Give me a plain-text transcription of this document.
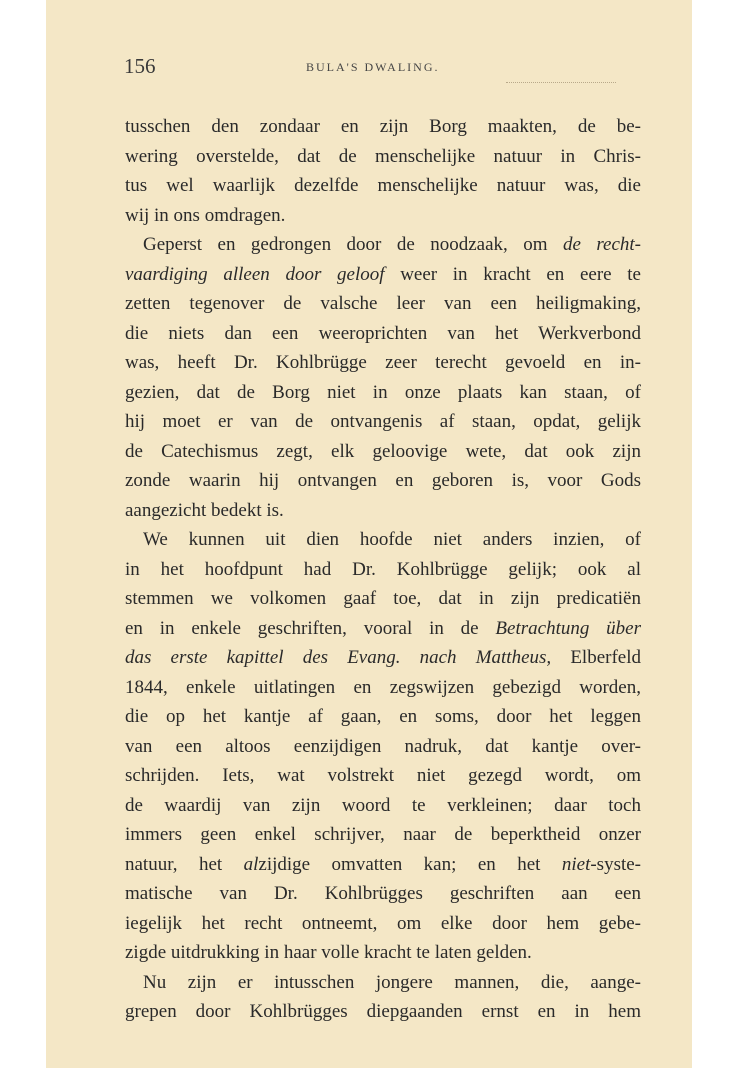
156	BULA'S DWALING.
tusschen den zondaar en zijn Borg maakten, de be-
wering overstelde, dat de menschelijke natuur in Chris-
tus wel waarlijk dezelfde menschelijke natuur was, die
wij in ons omdragen.
Geperst en gedrongen door de noodzaak, om de recht-
vaardiging alleen door geloof weer in kracht en eere te
zetten tegenover de valsche leer van een heiligmaking,
die niets dan een weeroprichten van het Werkverbond
was, heeft Dr. Kohlbrügge zeer terecht gevoeld en in-
gezien, dat de Borg niet in onze plaats kan staan, of
hij moet er van de ontvangenis af staan, opdat, gelijk
de Catechismus zegt, elk geloovige wete, dat ook zijn
zonde waarin hij ontvangen en geboren is, voor Gods
aangezicht bedekt is.
We kunnen uit dien hoofde niet anders inzien, of
in het hoofdpunt had Dr. Kohlbrügge gelijk; ook al
stemmen we volkomen gaaf toe, dat in zijn predicatiën
en in enkele geschriften, vooral in de Betrachtung über
das erste kapittel des Evang. nach Mattheus, Elberfeld
1844, enkele uitlatingen en zegswijzen gebezigd worden,
die op het kantje af gaan, en soms, door het leggen
van een altoos eenzijdigen nadruk, dat kantje over-
schrijden. Iets, wat volstrekt niet gezegd wordt, om
de waardij van zijn woord te verkleinen; daar toch
immers geen enkel schrijver, naar de beperktheid onzer
natuur, het alzijdige omvatten kan; en het niet-syste-
matische van Dr. Kohlbrügges geschriften aan een
iegelijk het recht ontneemt, om elke door hem gebe-
zigde uitdrukking in haar volle kracht te laten gelden.
Nu zijn er intusschen jongere mannen, die, aange-
grepen door Kohlbrügges diepgaanden ernst en in hem
